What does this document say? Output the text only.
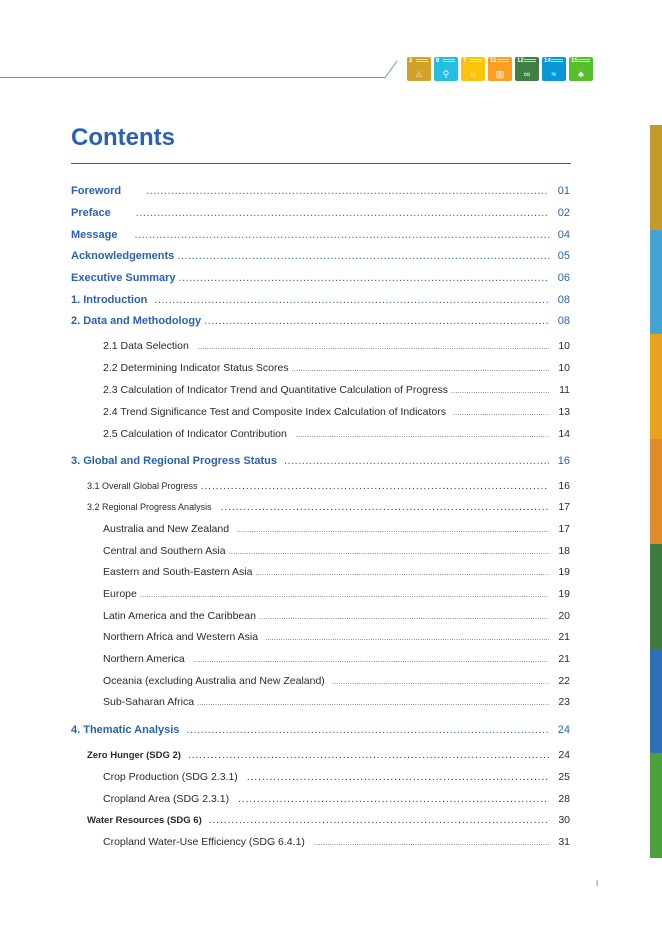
2
♨
6
⚲
7
☼
11
▥
12
∞
14
≈
15
♣
Contents
Foreword .....	01
Preface .....	02
Message .....	04
Acknowledgements .....	05
Executive Summary .....	06
1. Introduction .....	08
2. Data and Methodology .....	08
2.1 Data Selection .....	10
2.2 Determining Indicator Status Scores .....	10
2.3 Calculation of Indicator Trend and Quantitative Calculation of Progress .....	11
2.4 Trend Significance Test and Composite Index Calculation of Indicators .....	13
2.5 Calculation of Indicator Contribution .....	14
3. Global and Regional Progress Status .....	16
3.1 Overall Global Progress .....	16
3.2 Regional Progress Analysis .....	17
Australia and New Zealand .....	17
Central and Southern Asia .....	18
Eastern and South-Eastern Asia .....	19
Europe .....	19
Latin America and the Caribbean .....	20
Northern Africa and Western Asia .....	21
Northern America .....	21
Oceania (excluding Australia and New Zealand) .....	22
Sub-Saharan Africa .....	23
4. Thematic Analysis .....	24
Zero Hunger (SDG 2) .....	24
Crop Production (SDG 2.3.1) .....	25
Cropland Area (SDG 2.3.1) .....	28
Water Resources (SDG 6) .....	30
Cropland Water-Use Efficiency (SDG 6.4.1) .....	31
I
